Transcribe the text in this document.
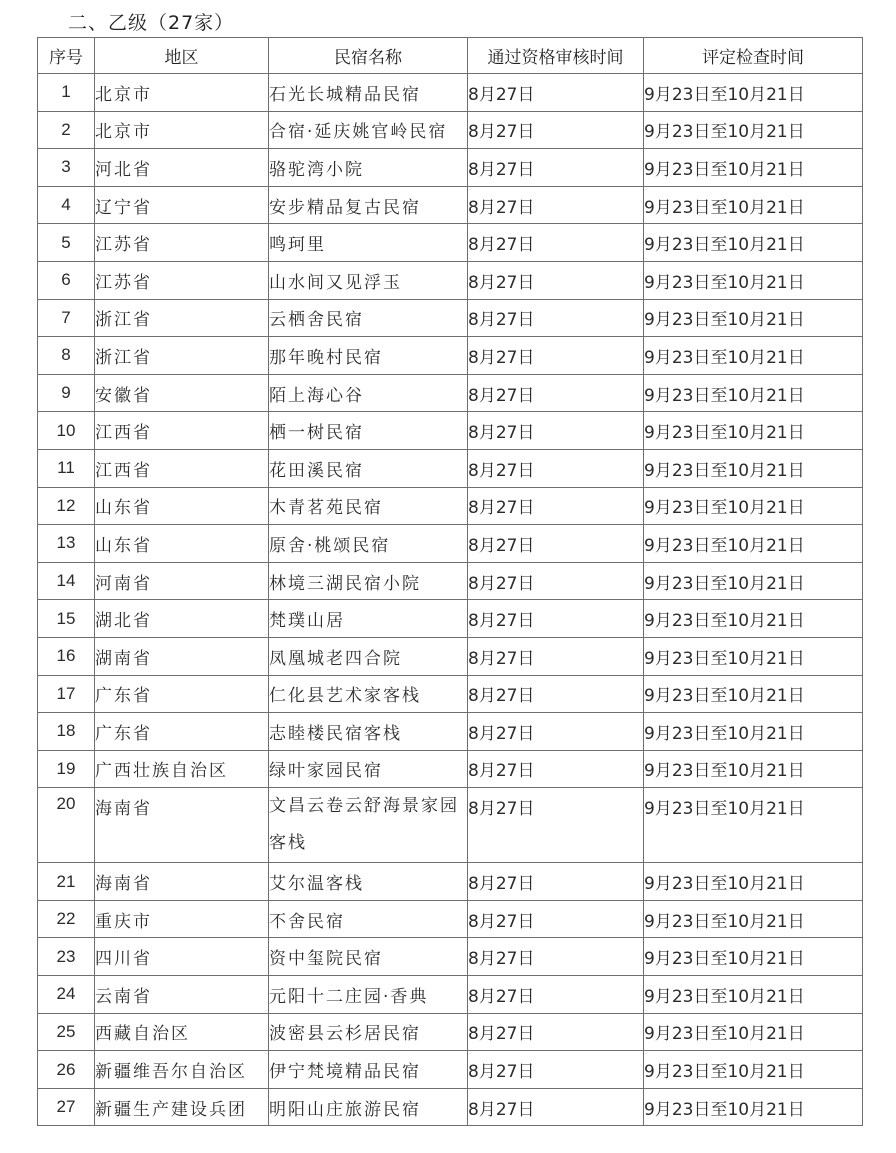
二、乙级（27家）
序号	地区	民宿名称	通过资格审核时间	评定检查时间
1	北京市	石光长城精品民宿	8月27日	9月23日至10月21日
2	北京市	合宿·延庆姚官岭民宿	8月27日	9月23日至10月21日
3	河北省	骆驼湾小院	8月27日	9月23日至10月21日
4	辽宁省	安步精品复古民宿	8月27日	9月23日至10月21日
5	江苏省	鸣珂里	8月27日	9月23日至10月21日
6	江苏省	山水间又见浮玉	8月27日	9月23日至10月21日
7	浙江省	云栖舍民宿	8月27日	9月23日至10月21日
8	浙江省	那年晚村民宿	8月27日	9月23日至10月21日
9	安徽省	陌上海心谷	8月27日	9月23日至10月21日
10	江西省	栖一树民宿	8月27日	9月23日至10月21日
11	江西省	花田溪民宿	8月27日	9月23日至10月21日
12	山东省	木青茗苑民宿	8月27日	9月23日至10月21日
13	山东省	原舍·桃颂民宿	8月27日	9月23日至10月21日
14	河南省	林境三湖民宿小院	8月27日	9月23日至10月21日
15	湖北省	梵璞山居	8月27日	9月23日至10月21日
16	湖南省	凤凰城老四合院	8月27日	9月23日至10月21日
17	广东省	仁化县艺术家客栈	8月27日	9月23日至10月21日
18	广东省	志睦楼民宿客栈	8月27日	9月23日至10月21日
19	广西壮族自治区	绿叶家园民宿	8月27日	9月23日至10月21日
20	海南省	文昌云卷云舒海景家园客栈	8月27日	9月23日至10月21日
21	海南省	艾尔温客栈	8月27日	9月23日至10月21日
22	重庆市	不舍民宿	8月27日	9月23日至10月21日
23	四川省	资中玺院民宿	8月27日	9月23日至10月21日
24	云南省	元阳十二庄园·香典	8月27日	9月23日至10月21日
25	西藏自治区	波密县云杉居民宿	8月27日	9月23日至10月21日
26	新疆维吾尔自治区	伊宁梵境精品民宿	8月27日	9月23日至10月21日
27	新疆生产建设兵团	明阳山庄旅游民宿	8月27日	9月23日至10月21日
